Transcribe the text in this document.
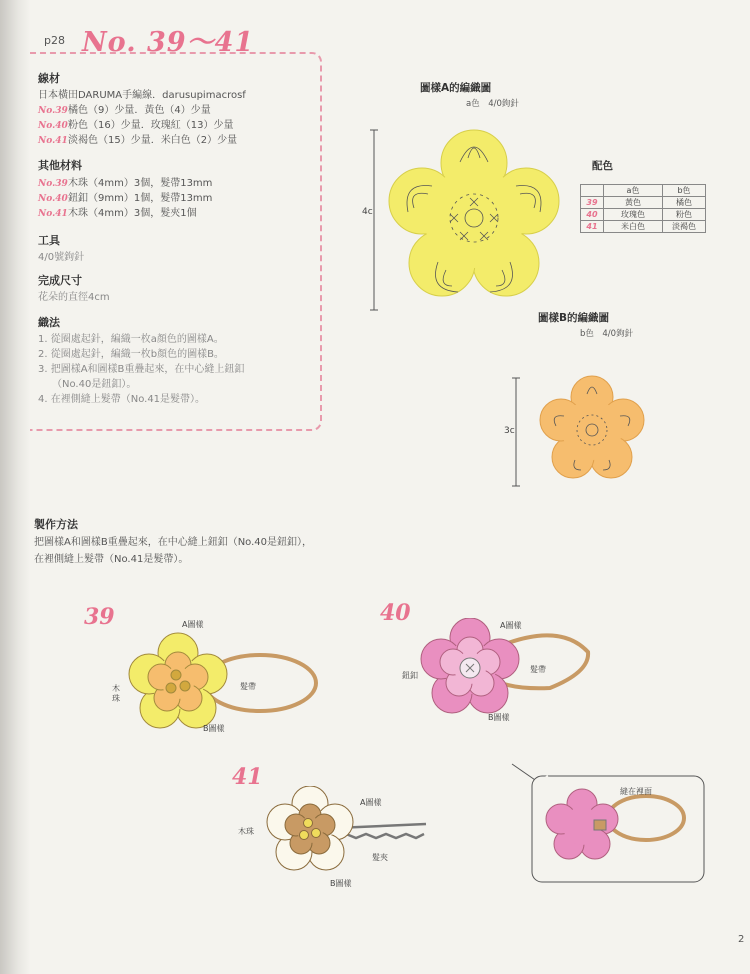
p28 No. 39～41
線材
日本橫田DARUMA手編線．darusupimacrosf
No.39橘色（9）少量．黃色（4）少量
No.40粉色（16）少量．玫瑰紅（13）少量
No.41淡褐色（15）少量．米白色（2）少量
其他材料
No.39木珠（4mm）3個，髮帶13mm
No.40鈕釦（9mm）1個，髮帶13mm
No.41木珠（4mm）3個，髮夾1個
工具
4/0號鉤針
完成尺寸
花朵的直徑4cm
織法
1. 從圈處起針，編織一枚a顏色的圖樣A。
2. 從圈處起針，編織一枚b顏色的圖樣B。
3. 把圖樣A和圖樣B重疊起來，在中心縫上鈕釦
（No.40是鈕釦）。
4. 在裡側縫上髮帶（No.41是髮帶）。
圖樣A的編織圖
a色　4/0鉤針
4c
配色
	a色	b色
39	黃色	橘色
40	玫瑰色	粉色
41	米白色	淡褐色
圖樣B的編織圖
b色　4/0鉤針
3c
製作方法
把圖樣A和圖樣B重疊起來，在中心縫上鈕釦（No.40是鈕釦），
在裡側縫上髮帶（No.41是髮帶）。
39	A圖樣
木珠
髮帶
B圖樣
40	A圖樣
鈕釦
髮帶
B圖樣
41
A圖樣
木珠
髮夾
B圖樣
縫在裡面
2
